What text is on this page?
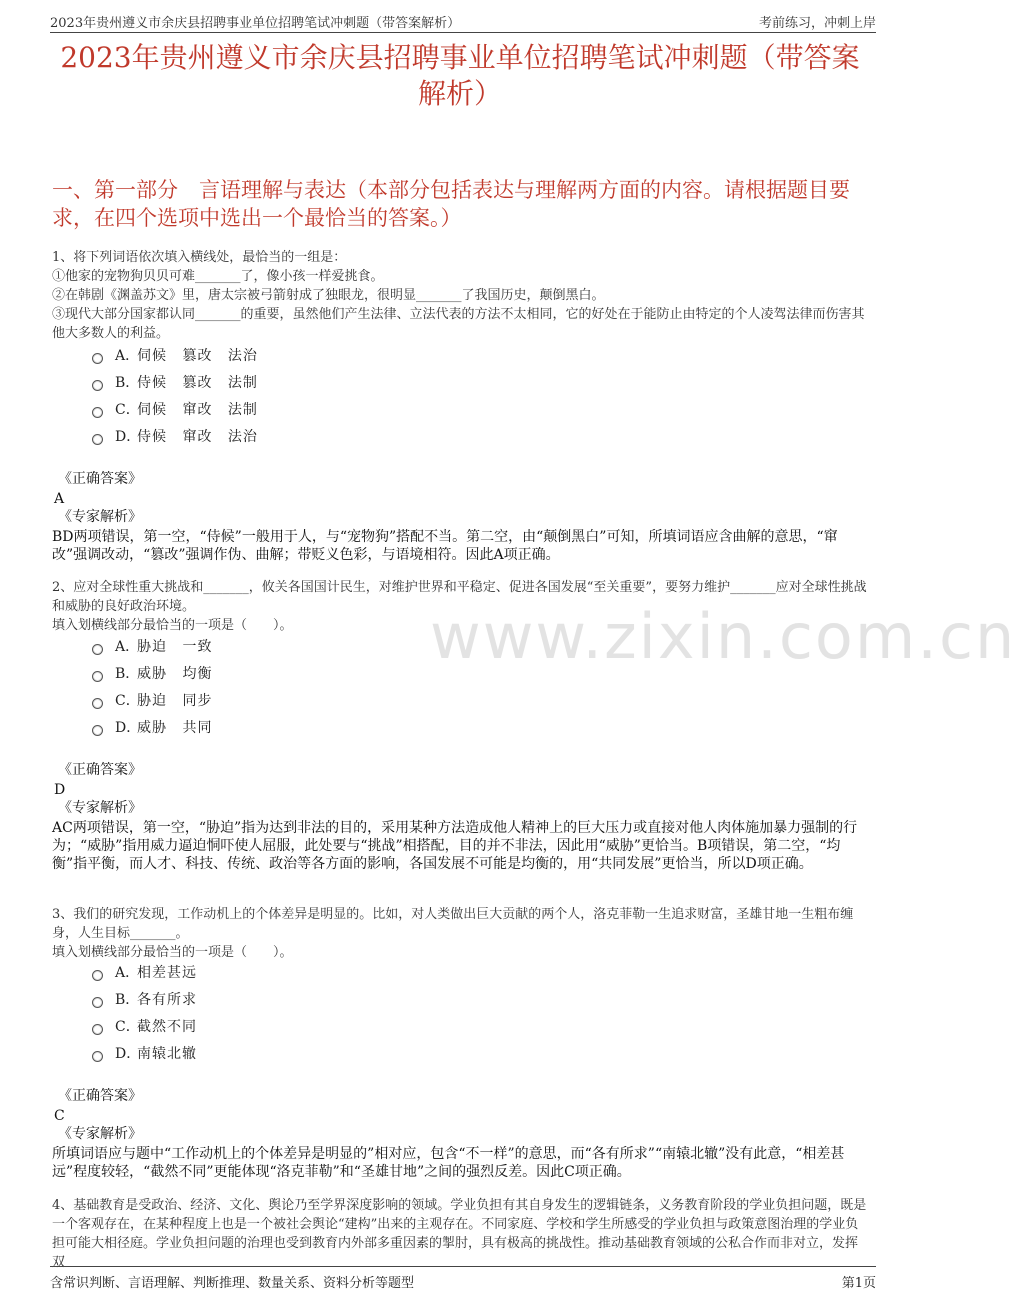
2023年贵州遵义市余庆县招聘事业单位招聘笔试冲刺题（带答案解析）	考前练习，冲刺上岸
2023年贵州遵义市余庆县招聘事业单位招聘笔试冲刺题（带答案解析）
一、第一部分　言语理解与表达（本部分包括表达与理解两方面的内容。请根据题目要求，在四个选项中选出一个最恰当的答案。）
www.zixin.com.cn

1、将下列词语依次填入横线处，最恰当的一组是：

①他家的宠物狗贝贝可难_______了，像小孩一样爱挑食。

②在韩剧《渊盖苏文》里，唐太宗被弓箭射成了独眼龙，很明显_______了我国历史，颠倒黑白。

③现代大部分国家都认同_______的重要，虽然他们产生法律、立法代表的方法不太相同，它的好处在于能防止由特定的个人凌驾法律而伤害其他大多数人的利益。

A．
伺候 篡改 法治
B．
侍候 篡改 法制
C．
伺候 窜改 法制
D．
侍候 窜改 法治
《正确答案》
A
《专家解析》
BD两项错误，第一空，“侍候”一般用于人，与“宠物狗”搭配不当。第二空，由“颠倒黑白”可知，所填词语应含曲解的意思，“窜改”强调改动，“篡改”强调作伪、曲解；带贬义色彩，与语境相符。因此A项正确。

2、应对全球性重大挑战和_______，攸关各国国计民生，对维护世界和平稳定、促进各国发展“至关重要”，要努力维护_______应对全球性挑战和威胁的良好政治环境。

填入划横线部分最恰当的一项是（　　）。

A．
胁迫 一致
B．
威胁 均衡
C．
胁迫 同步
D．
威胁 共同
《正确答案》
D
《专家解析》
AC两项错误，第一空，“胁迫”指为达到非法的目的，采用某种方法造成他人精神上的巨大压力或直接对他人肉体施加暴力强制的行为；“威胁”指用威力逼迫恫吓使人屈服，此处要与“挑战”相搭配，目的并不非法，因此用“威胁”更恰当。B项错误，第二空，“均衡”指平衡，而人才、科技、传统、政治等各方面的影响，各国发展不可能是均衡的，用“共同发展”更恰当，所以D项正确。

3、我们的研究发现，工作动机上的个体差异是明显的。比如，对人类做出巨大贡献的两个人，洛克菲勒一生追求财富，圣雄甘地一生粗布缠身，人生目标_______。

填入划横线部分最恰当的一项是（　　）。

A．
相差甚远
B．
各有所求
C．
截然不同
D．
南辕北辙
《正确答案》
C
《专家解析》
所填词语应与题中“工作动机上的个体差异是明显的”相对应，包含“不一样”的意思，而“各有所求”“南辕北辙”没有此意，“相差甚远”程度较轻，“截然不同”更能体现“洛克菲勒”和“圣雄甘地”之间的强烈反差。因此C项正确。

4、基础教育是受政治、经济、文化、舆论乃至学界深度影响的领域。学业负担有其自身发生的逻辑链条，义务教育阶段的学业负担问题，既是一个客观存在，在某种程度上也是一个被社会舆论“建构”出来的主观存在。不同家庭、学校和学生所感受的学业负担与政策意图治理的学业负担可能大相径庭。学业负担问题的治理也受到教育内外部多重因素的掣肘，具有极高的挑战性。推动基础教育领域的公私合作而非对立，发挥双

含常识判断、言语理解、判断推理、数量关系、资料分析等题型	第1页
